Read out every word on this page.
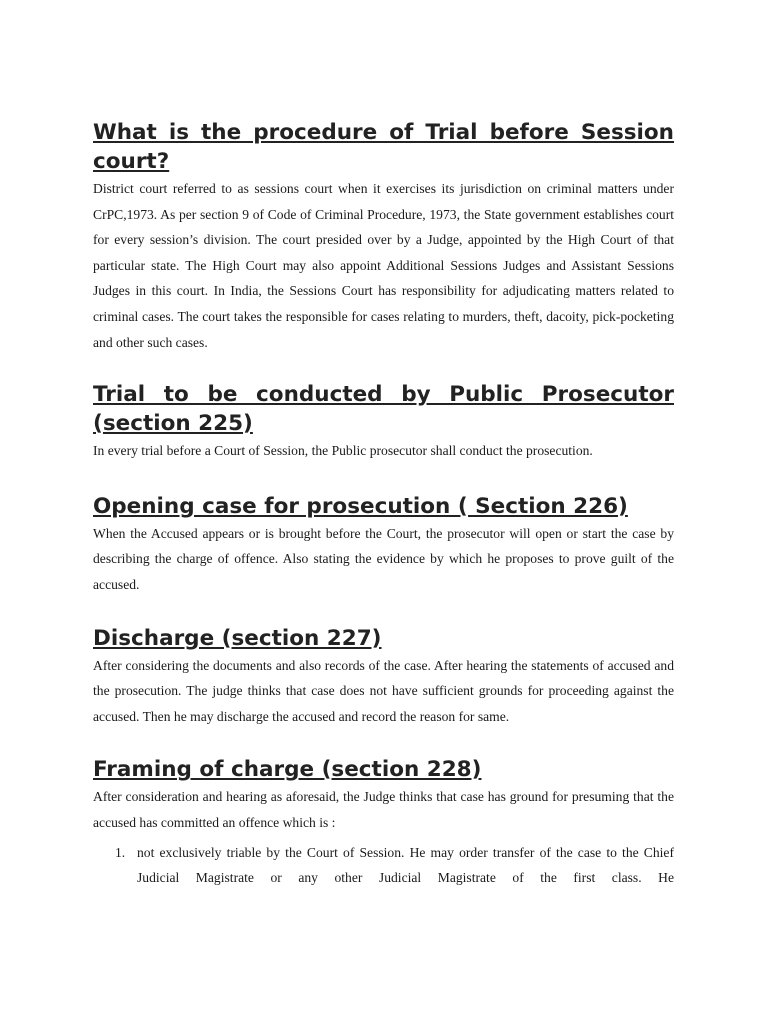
What is the procedure of Trial before Session court?

District court referred to as sessions court when it exercises its jurisdiction on criminal matters under CrPC,1973. As per section 9 of Code of Criminal Procedure, 1973, the State government establishes court for every session’s division. The court presided over by a Judge, appointed by the High Court of that particular state. The High Court may also appoint Additional Sessions Judges and Assistant Sessions Judges in this court. In India, the Sessions Court has responsibility for adjudicating matters related to criminal cases. The court takes the responsible for cases relating to murders, theft, dacoity, pick-pocketing and other such cases.

Trial to be conducted by Public Prosecutor (section 225)

In every trial before a Court of Session, the Public prosecutor shall conduct the prosecution.

Opening case for prosecution ( Section 226)

When the Accused appears or is brought before the Court, the prosecutor will open or start the case by describing the charge of offence. Also stating the evidence by which he proposes to prove guilt of the accused.

Discharge (section 227)

After considering the documents and also records of the case. After hearing the statements of accused and the prosecution. The judge thinks that case does not have sufficient grounds for proceeding against the accused. Then he may discharge the accused and record the reason for same.

Framing of charge (section 228)

After consideration and hearing as aforesaid, the Judge thinks that case has ground for presuming that the accused has committed an offence which is :

1. not exclusively triable by the Court of Session. He may order transfer of the case to the Chief Judicial Magistrate or any other Judicial Magistrate of the first class. He
